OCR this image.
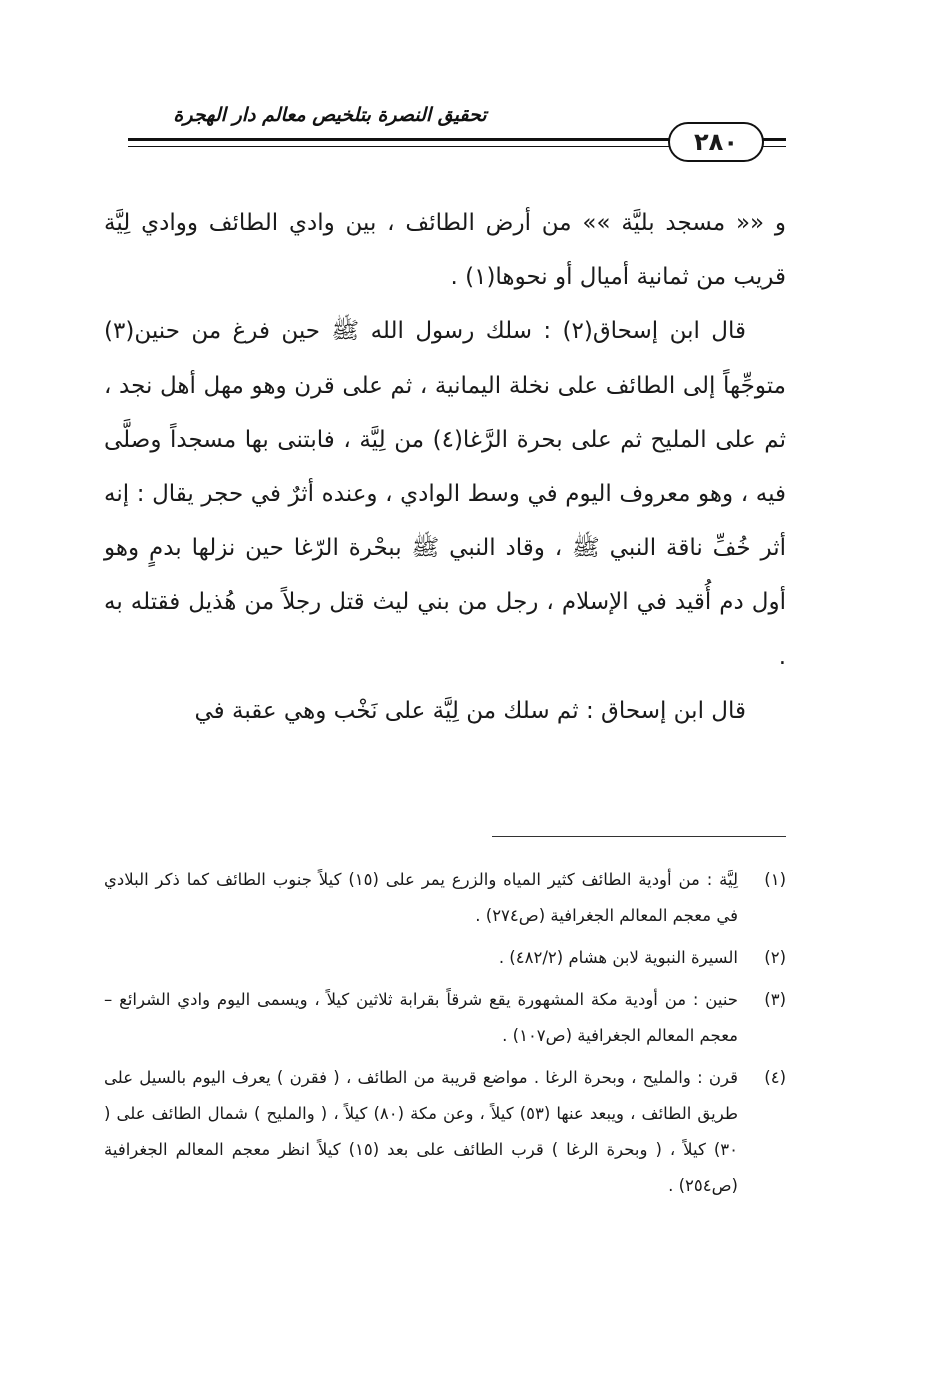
تحقيق النصرة بتلخيص معالم دار الهجرة
٢٨٠

و «« مسجد بليَّة »» من أرض الطائف ، بين وادي الطائف ووادي لِيَّة قريب من ثمانية أميال أو نحوها(١) .

قال ابن إسحاق(٢) : سلك رسول الله ﷺ حين فرغ من حنين(٣) متوجِّهاً إلى الطائف على نخلة اليمانية ، ثم على قرن وهو مهل أهل نجد ، ثم على المليح ثم على بحرة الرَّغا(٤) من لِيَّة ، فابتنى بها مسجداً وصلَّى فيه ، وهو معروف اليوم في وسط الوادي ، وعنده أثرٌ في حجر يقال : إنه أثر خُفِّ ناقة النبي ﷺ ، وقاد النبي ﷺ ببحْرة الرّغا حين نزلها بدمٍ وهو أول دم أُقيد في الإسلام ، رجل من بني ليث قتل رجلاً من هُذيل فقتله به .

قال ابن إسحاق : ثم سلك من لِيَّة على نَخْب وهي عقبة في

(١)
لِيَّة : من أودية الطائف كثير المياه والزرع يمر على (١٥) كيلاً جنوب الطائف كما ذكر البلادي في معجم المعالم الجغرافية (ص٢٧٤) .
(٢)
السيرة النبوية لابن هشام (٤٨٢/٢) .
(٣)
حنين : من أودية مكة المشهورة يقع شرقاً بقرابة ثلاثين كيلاً ، ويسمى اليوم وادي الشرائع – معجم المعالم الجغرافية (ص١٠٧) .
(٤)
قرن : والمليح ، وبحرة الرغا . مواضع قريبة من الطائف ، ( فقرن ) يعرف اليوم بالسيل على طريق الطائف ، ويبعد عنها (٥٣) كيلاً ، وعن مكة (٨٠) كيلاً ، ( والمليح ) شمال الطائف على ( ٣٠) كيلاً ، ( وبحرة الرغا ) قرب الطائف على بعد (١٥) كيلاً انظر معجم المعالم الجغرافية (ص٢٥٤) .
